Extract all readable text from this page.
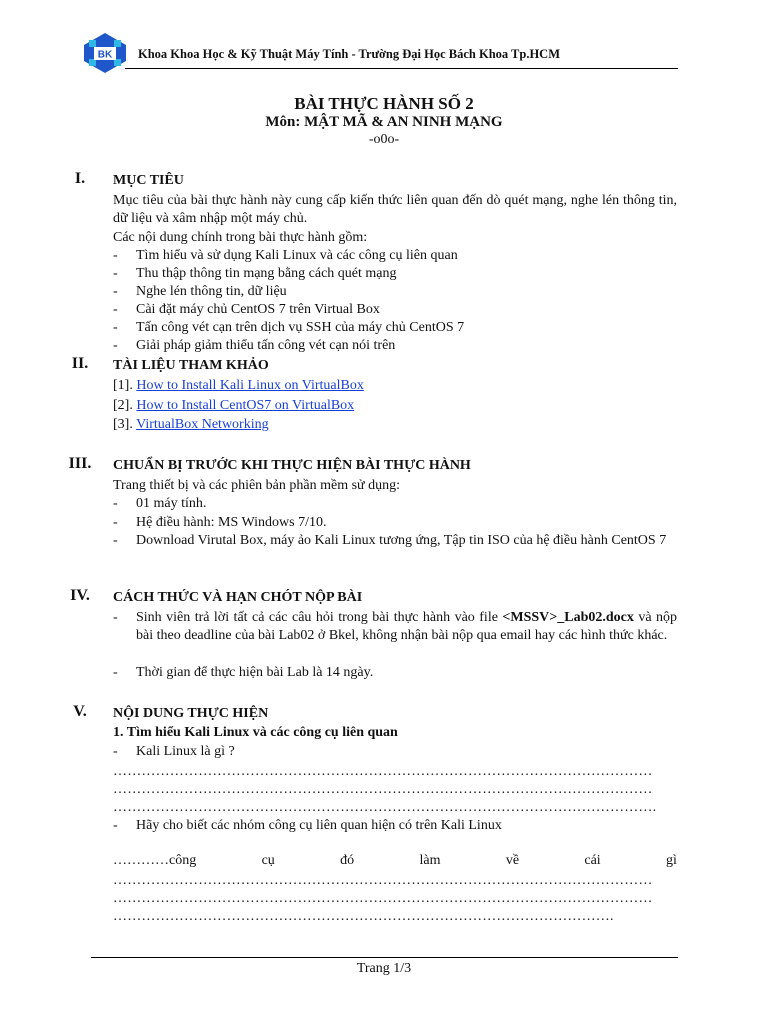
BK Khoa Khoa Học & Kỹ Thuật Máy Tính - Trường Đại Học Bách Khoa Tp.HCM
BÀI THỰC HÀNH SỐ 2
Môn: MẬT MÃ & AN NINH MẠNG
-o0o-
I.	MỤC TIÊU
Mục tiêu của bài thực hành này cung cấp kiến thức liên quan đến dò quét mạng, nghe lén thông tin, dữ liệu và xâm nhập một máy chủ.
Các nội dung chính trong bài thực hành gồm:
- Tìm hiểu và sử dụng Kali Linux và các công cụ liên quan
- Thu thập thông tin mạng bằng cách quét mạng
- Nghe lén thông tin, dữ liệu
- Cài đặt máy chủ CentOS 7 trên Virtual Box
- Tấn công vét cạn trên dịch vụ SSH của máy chủ CentOS 7
- Giải pháp giảm thiểu tấn công vét cạn nói trên
II.	TÀI LIỆU THAM KHẢO
[1]. How to Install Kali Linux on VirtualBox
[2]. How to Install CentOS7 on VirtualBox
[3]. VirtualBox Networking
III. CHUẨN BỊ TRƯỚC KHI THỰC HIỆN BÀI THỰC HÀNH
Trang thiết bị và các phiên bản phần mềm sử dụng:
- 01 máy tính.
- Hệ điều hành: MS Windows 7/10.
- Download Virutal Box, máy ảo Kali Linux tương ứng, Tập tin ISO của hệ điều hành CentOS 7
IV. CÁCH THỨC VÀ HẠN CHÓT NỘP BÀI
- Sinh viên trả lời tất cả các câu hỏi trong bài thực hành vào file <MSSV>_Lab02.docx và nộp bài theo deadline của bài Lab02 ở Bkel, không nhận bài nộp qua email hay các hình thức khác.
- Thời gian để thực hiện bài Lab là 14 ngày.
V.	NỘI DUNG THỰC HIỆN
1. Tìm hiểu Kali Linux và các công cụ liên quan
- Kali Linux là gì ?
……………………………………………………………………………………………………
……………………………………………………………………………………………………
…………………………………………………………………………………………………….
- Hãy cho biết các nhóm công cụ liên quan hiện có trên Kali Linux
…………công	cụ	đó	làm	về	cái	gì
……………………………………………………………………………………………………
……………………………………………………………………………………………………
…………………………………………………………………………………………….
Trang 1/3
